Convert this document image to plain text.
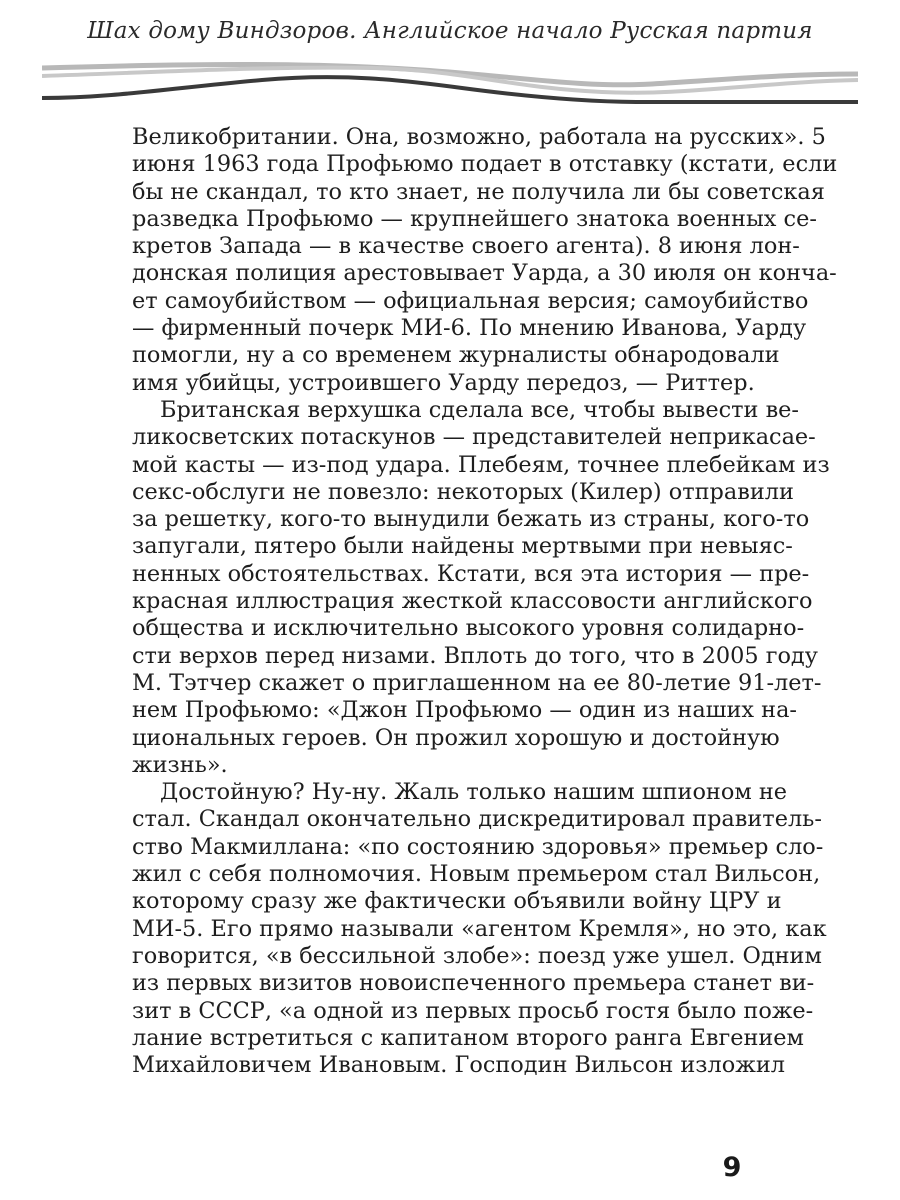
Шах дому Виндзоров. Английское начало Русская партия
Великобритании. Она, возможно, работала на русских». 5
июня 1963 года Профьюмо подает в отставку (кстати, если
бы не скандал, то кто знает, не получила ли бы советская
разведка Профьюмо — крупнейшего знатока военных се-
кретов Запада — в качестве своего агента). 8 июня лон-
донская полиция арестовывает Уарда, а 30 июля он конча-
ет самоубийством — официальная версия; самоубийство
— фирменный почерк МИ-6. По мнению Иванова, Уарду
помогли, ну а со временем журналисты обнародовали
имя убийцы, устроившего Уарду передоз, — Риттер.
Британская верхушка сделала все, чтобы вывести ве-
ликосветских потаскунов — представителей неприкасае-
мой касты — из-под удара. Плебеям, точнее плебейкам из
секс-обслуги не повезло: некоторых (Килер) отправили
за решетку, кого-то вынудили бежать из страны, кого-то
запугали, пятеро были найдены мертвыми при невыяс-
ненных обстоятельствах. Кстати, вся эта история — пре-
красная иллюстрация жесткой классовости английского
общества и исключительно высокого уровня солидарно-
сти верхов перед низами. Вплоть до того, что в 2005 году
М. Тэтчер скажет о приглашенном на ее 80-летие 91-лет-
нем Профьюмо: «Джон Профьюмо — один из наших на-
циональных героев. Он прожил хорошую и достойную
жизнь».
Достойную? Ну-ну. Жаль только нашим шпионом не
стал. Скандал окончательно дискредитировал правитель-
ство Макмиллана: «по состоянию здоровья» премьер сло-
жил с себя полномочия. Новым премьером стал Вильсон,
которому сразу же фактически объявили войну ЦРУ и
МИ-5. Его прямо называли «агентом Кремля», но это, как
говорится, «в бессильной злобе»: поезд уже ушел. Одним
из первых визитов новоиспеченного премьера станет ви-
зит в СССР, «а одной из первых просьб гостя было поже-
лание встретиться с капитаном второго ранга Евгением
Михайловичем Ивановым. Господин Вильсон изложил
9
